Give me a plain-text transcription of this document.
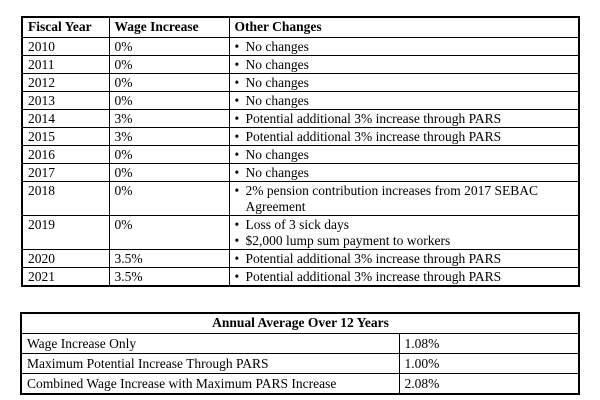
Fiscal Year	Wage Increase	Other Changes
2010	0%	• No changes

2011	0%	• No changes

2012	0%	• No changes

2013	0%	• No changes

2014	3%	• Potential additional 3% increase through PARS

2015	3%	• Potential additional 3% increase through PARS

2016	0%	• No changes

2017	0%	• No changes

2018	0%	• 2% pension contribution increases from 2017 SEBAC Agreement

2019	0%	• Loss of 3 sick days
• $2,000 lump sum payment to workers

2020	3.5%	• Potential additional 3% increase through PARS

2021	3.5%	• Potential additional 3% increase through PARS
Annual Average Over 12 Years	
Wage Increase Only	1.08%
Maximum Potential Increase Through PARS	1.00%
Combined Wage Increase with Maximum PARS Increase	2.08%
